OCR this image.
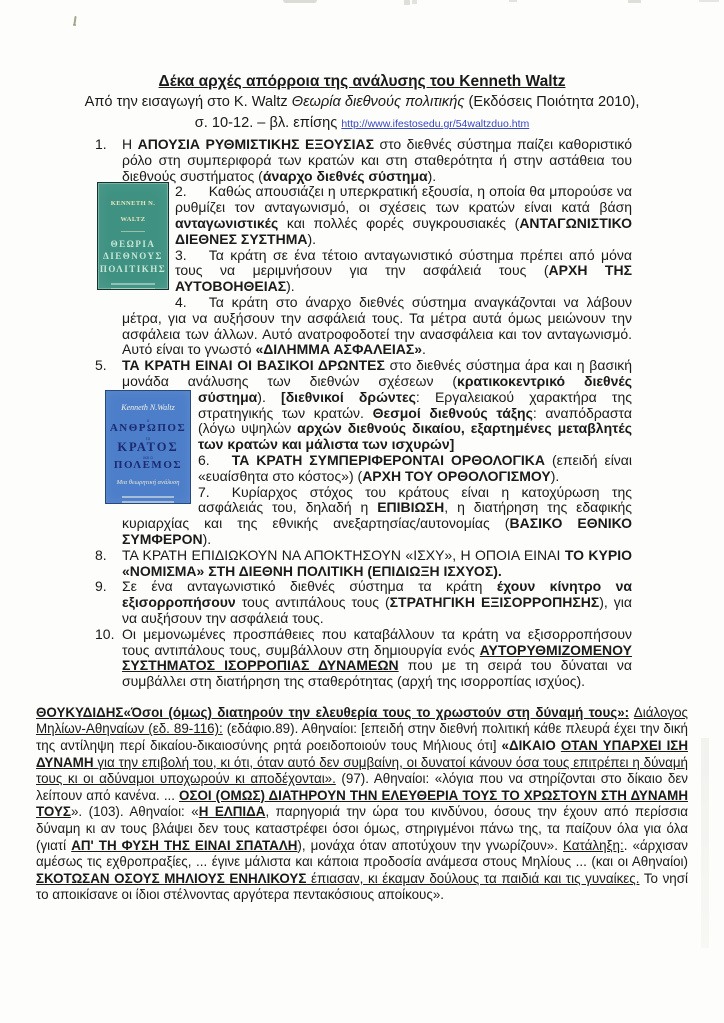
Δέκα αρχές απόρροια της ανάλυσης του Kenneth Waltz
Από την εισαγωγή στο Κ. Waltz Θεωρία διεθνούς πολιτικής (Εκδόσεις Ποιότητα 2010),
σ. 10-12. – βλ. επίσης http://www.ifestosedu.gr/54waltzduo.htm

1. Η ΑΠΟΥΣΙΑ ΡΥΘΜΙΣΤΙΚΗΣ ΕΞΟΥΣΙΑΣ στο διεθνές σύστημα παίζει καθοριστικό ρόλο στη συμπεριφορά των κρατών και στη σταθερότητα ή στην αστάθεια του διεθνούς συστήματος (άναρχο διεθνές σύστημα).

KENNETH N. WALTZ
ΘΕΩΡΙΑ
ΔΙΕΘΝΟΥΣ
ΠΟΛΙΤΙΚΗΣ
2. Καθώς απουσιάζει η υπερκρατική εξουσία, η οποία θα μπορούσε να ρυθμίζει τον ανταγωνισμό, οι σχέσεις των κρατών είναι κατά βάση ανταγωνιστικές και πολλές φορές συγκρουσιακές (ΑΝΤΑΓΩΝΙΣΤΙΚΟ ΔΙΕΘΝΕΣ ΣΥΣΤΗΜΑ).

3. Τα κράτη σε ένα τέτοιο ανταγωνιστικό σύστημα πρέπει από μόνα τους να μεριμνήσουν για την ασφάλειά τους (ΑΡΧΗ ΤΗΣ ΑΥΤΟΒΟΗΘΕΙΑΣ).

4. Τα κράτη στο άναρχο διεθνές σύστημα αναγκάζονται να λάβουν μέτρα, για να αυξήσουν την ασφάλειά τους. Τα μέτρα αυτά όμως μειώνουν την ασφάλεια των άλλων. Αυτό ανατροφοδοτεί την ανασφάλεια και τον ανταγωνισμό. Αυτό είναι το γνωστό «ΔΙΛΗΜΜΑ ΑΣΦΑΛΕΙΑΣ».

5. ΤΑ ΚΡΑΤΗ ΕΙΝΑΙ ΟΙ ΒΑΣΙΚΟΙ ΔΡΩΝΤΕΣ στο διεθνές σύστημα άρα και η βασική μονάδα ανάλυσης των διεθνών σχέσεων (κρατικοκεντρικό διεθνές

Kenneth N.Waltz
ο
ΑΝΘΡΩΠΟΣ
το
ΚΡΑΤΟΣ
και ο
ΠΟΛΕΜΟΣ
Μια θεωρητική ανάλυση
σύστημα). [διεθνικοί δρώντες: Εργαλειακού χαρακτήρα της στρατηγικής των κρατών. Θεσμοί διεθνούς τάξης: αναπόδραστα (λόγω υψηλών αρχών διεθνούς δικαίου, εξαρτημένες μεταβλητές των κρατών και μάλιστα των ισχυρών]

6. ΤΑ ΚΡΑΤΗ ΣΥΜΠΕΡΙΦΕΡΟΝΤΑΙ ΟΡΘΟΛΟΓΙΚΑ (επειδή είναι «ευαίσθητα στο κόστος») (ΑΡΧΗ ΤΟΥ ΟΡΘΟΛΟΓΙΣΜΟΥ).

7. Κυρίαρχος στόχος του κράτους είναι η κατοχύρωση της ασφάλειάς του, δηλαδή η ΕΠΙΒΙΩΣΗ, η διατήρηση της εδαφικής κυριαρχίας και της εθνικής ανεξαρτησίας/αυτονομίας (ΒΑΣΙΚΟ ΕΘΝΙΚΟ ΣΥΜΦΕΡΟΝ).

8. ΤΑ ΚΡΑΤΗ ΕΠΙΔΙΩΚΟΥΝ ΝΑ ΑΠΟΚΤΗΣΟΥΝ «ΙΣΧΥ», Η ΟΠΟΙΑ ΕΙΝΑΙ ΤΟ ΚΥΡΙΟ «ΝΟΜΙΣΜΑ» ΣΤΗ ΔΙΕΘΝΗ ΠΟΛΙΤΙΚΗ (ΕΠΙΔΙΩΞΗ ΙΣΧΥΟΣ).

9. Σε ένα ανταγωνιστικό διεθνές σύστημα τα κράτη έχουν κίνητρο να εξισορροπήσουν τους αντιπάλους τους (ΣΤΡΑΤΗΓΙΚΗ ΕΞΙΣΟΡΡΟΠΗΣΗΣ), για να αυξήσουν την ασφάλειά τους.

10. Οι μεμονωμένες προσπάθειες που καταβάλλουν τα κράτη να εξισορροπήσουν τους αντιπάλους τους, συμβάλλουν στη δημιουργία ενός ΑΥΤΟΡΥΘΜΙΖΟΜΕΝΟΥ ΣΥΣΤΗΜΑΤΟΣ ΙΣΟΡΡΟΠΙΑΣ ΔΥΝΑΜΕΩΝ που με τη σειρά του δύναται να συμβάλλει στη διατήρηση της σταθερότητας (αρχή της ισορροπίας ισχύος).

ΘΟΥΚΥΔΙΔΗΣ«Όσοι (όμως) διατηρούν την ελευθερία τους το χρωστούν στη δύναμή τους»: Διάλογος Μηλίων-Αθηναίων (εδ. 89-116): (εδάφιο.89). Αθηναίοι: [επειδή στην διεθνή πολιτική κάθε πλευρά έχει την δική της αντίληψη περί δικαίου-δικαιοσύνης ρητά ροειδοποιούν τους Μήλιους ότι] «ΔΙΚΑΙΟ ΟΤΑΝ ΥΠΑΡΧΕΙ ΙΣΗ ΔΥΝΑΜΗ για την επιβολή του, κι ότι, όταν αυτό δεν συμβαίνη, οι δυνατοί κάνουν όσα τους επιτρέπει η δύναμή τους κι οι αδύναμοι υποχωρούν κι αποδέχονται». (97). Αθηναίοι: «λόγια που να στηρίζονται στο δίκαιο δεν λείπουν από κανένα. ... ΟΣΟΙ (ΟΜΩΣ) ΔΙΑΤΗΡΟΥΝ ΤΗΝ ΕΛΕΥΘΕΡΙΑ ΤΟΥΣ ΤΟ ΧΡΩΣΤΟΥΝ ΣΤΗ ΔΥΝΑΜΗ ΤΟΥΣ». (103). Αθηναίοι: «Η ΕΛΠΙΔΑ, παρηγοριά την ώρα του κινδύνου, όσους την έχουν από περίσσια δύναμη κι αν τους βλάψει δεν τους καταστρέφει όσοι όμως, στηριγμένοι πάνω της, τα παίζουν όλα για όλα (γιατί ΑΠ' ΤΗ ΦΥΣΗ ΤΗΣ ΕΙΝΑΙ ΣΠΑΤΑΛΗ), μονάχα όταν αποτύχουν την γνωρίζουν». Κατάληξη:. «άρχισαν αμέσως τις εχθροπραξίες, ... έγινε μάλιστα και κάποια προδοσία ανάμεσα στους Μηλίους ... (και οι Αθηναίοι) ΣΚΟΤΩΣΑΝ ΟΣΟΥΣ ΜΗΛΙΟΥΣ ΕΝΗΛΙΚΟΥΣ έπιασαν, κι έκαμαν δούλους τα παιδιά και τις γυναίκες. Το νησί το αποικίσανε οι ίδιοι στέλνοντας αργότερα πεντακόσιους αποίκους».
